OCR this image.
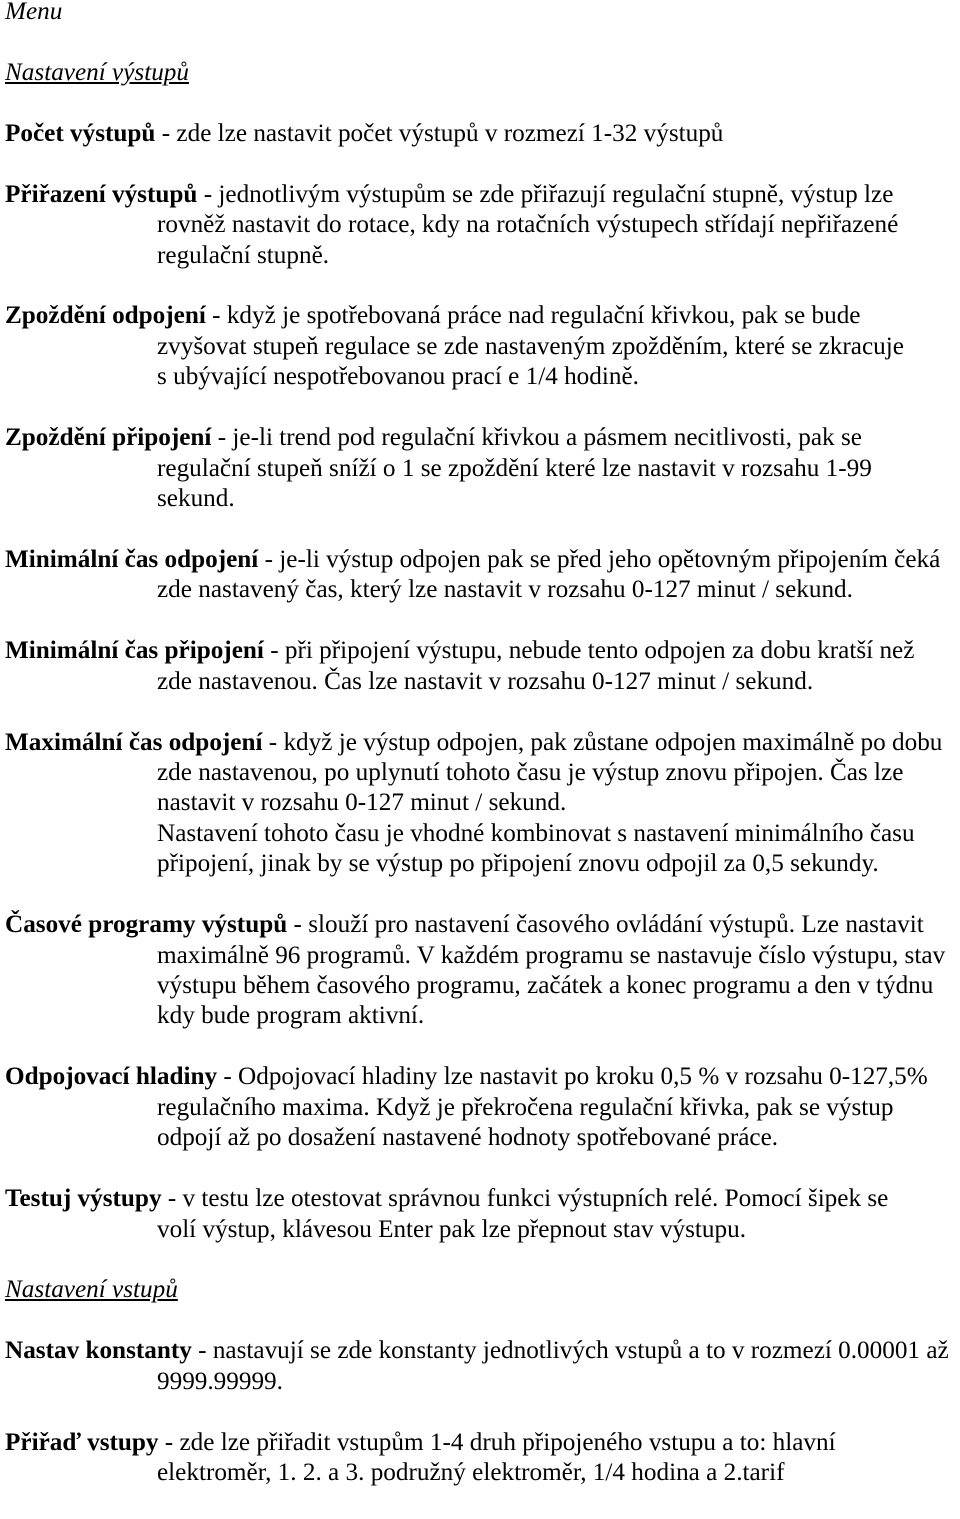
Menu
Nastavení výstupů
Počet výstupů - zde lze nastavit počet výstupů v rozmezí 1-32 výstupů
Přiřazení výstupů - jednotlivým výstupům se zde přiřazují regulační stupně, výstup lze
rovněž nastavit do rotace, kdy na rotačních výstupech střídají nepřiřazené
regulační stupně.
Zpoždění odpojení - když je spotřebovaná práce nad regulační křivkou, pak se bude
zvyšovat stupeň regulace se zde nastaveným zpožděním, které se zkracuje
s ubývající nespotřebovanou prací e 1/4 hodině.
Zpoždění připojení - je-li trend pod regulační křivkou a pásmem necitlivosti, pak se
regulační stupeň sníží o 1 se zpoždění které lze nastavit v rozsahu 1-99
sekund.
Minimální čas odpojení - je-li výstup odpojen pak se před jeho opětovným připojením čeká
zde nastavený čas, který lze nastavit v rozsahu 0-127 minut / sekund.
Minimální čas připojení - při připojení výstupu, nebude tento odpojen za dobu kratší než
zde nastavenou. Čas lze nastavit v rozsahu 0-127 minut / sekund.
Maximální čas odpojení - když je výstup odpojen, pak zůstane odpojen maximálně po dobu
zde nastavenou, po uplynutí tohoto času je výstup znovu připojen. Čas lze
nastavit v rozsahu 0-127 minut / sekund.
Nastavení tohoto času je vhodné kombinovat s nastavení minimálního času
připojení, jinak by se výstup po připojení znovu odpojil za 0,5 sekundy.
Časové programy výstupů - slouží pro nastavení časového ovládání výstupů. Lze nastavit
maximálně 96 programů. V každém programu se nastavuje číslo výstupu, stav
výstupu během časového programu, začátek a konec programu a den v týdnu
kdy bude program aktivní.
Odpojovací hladiny - Odpojovací hladiny lze nastavit po kroku 0,5 % v rozsahu 0-127,5%
regulačního maxima. Když je překročena regulační křivka, pak se výstup
odpojí až po dosažení nastavené hodnoty spotřebované práce.
Testuj výstupy - v testu lze otestovat správnou funkci výstupních relé. Pomocí šipek se
volí výstup, klávesou Enter pak lze přepnout stav výstupu.
Nastavení vstupů
Nastav konstanty - nastavují se zde konstanty jednotlivých vstupů a to v rozmezí 0.00001 až
9999.99999.
Přiřaď vstupy - zde lze přiřadit vstupům 1-4 druh připojeného vstupu a to: hlavní
elektroměr, 1. 2. a 3. podružný elektroměr, 1/4 hodina a 2.tarif
